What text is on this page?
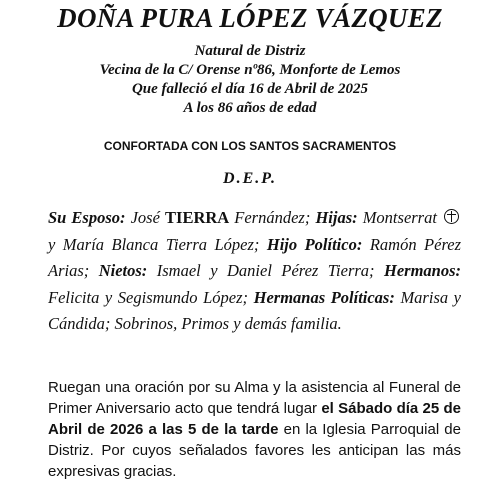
DOÑA PURA LÓPEZ VÁZQUEZ
Natural de Distriz
Vecina de la C/ Orense nº86, Monforte de Lemos
Que falleció el día 16 de Abril de 2025
A los 86 años de edad
CONFORTADA CON LOS SANTOS SACRAMENTOS
D.E.P.
Su Esposo: José TIERRA Fernández; Hijas: Montserrat  y María Blanca Tierra López; Hijo Político: Ramón Pérez Arias; Nietos: Ismael y Daniel Pérez Tierra; Hermanos: Felicita y Segismundo López; Hermanas Políticas: Marisa y Cándida; Sobrinos, Primos y demás familia.
Ruegan una oración por su Alma y la asistencia al Funeral de Primer Aniversario acto que tendrá lugar el Sábado día 25 de Abril de 2026 a las 5 de la tarde en la Iglesia Parroquial de Distriz. Por cuyos señalados favores les anticipan las más expresivas gracias.
